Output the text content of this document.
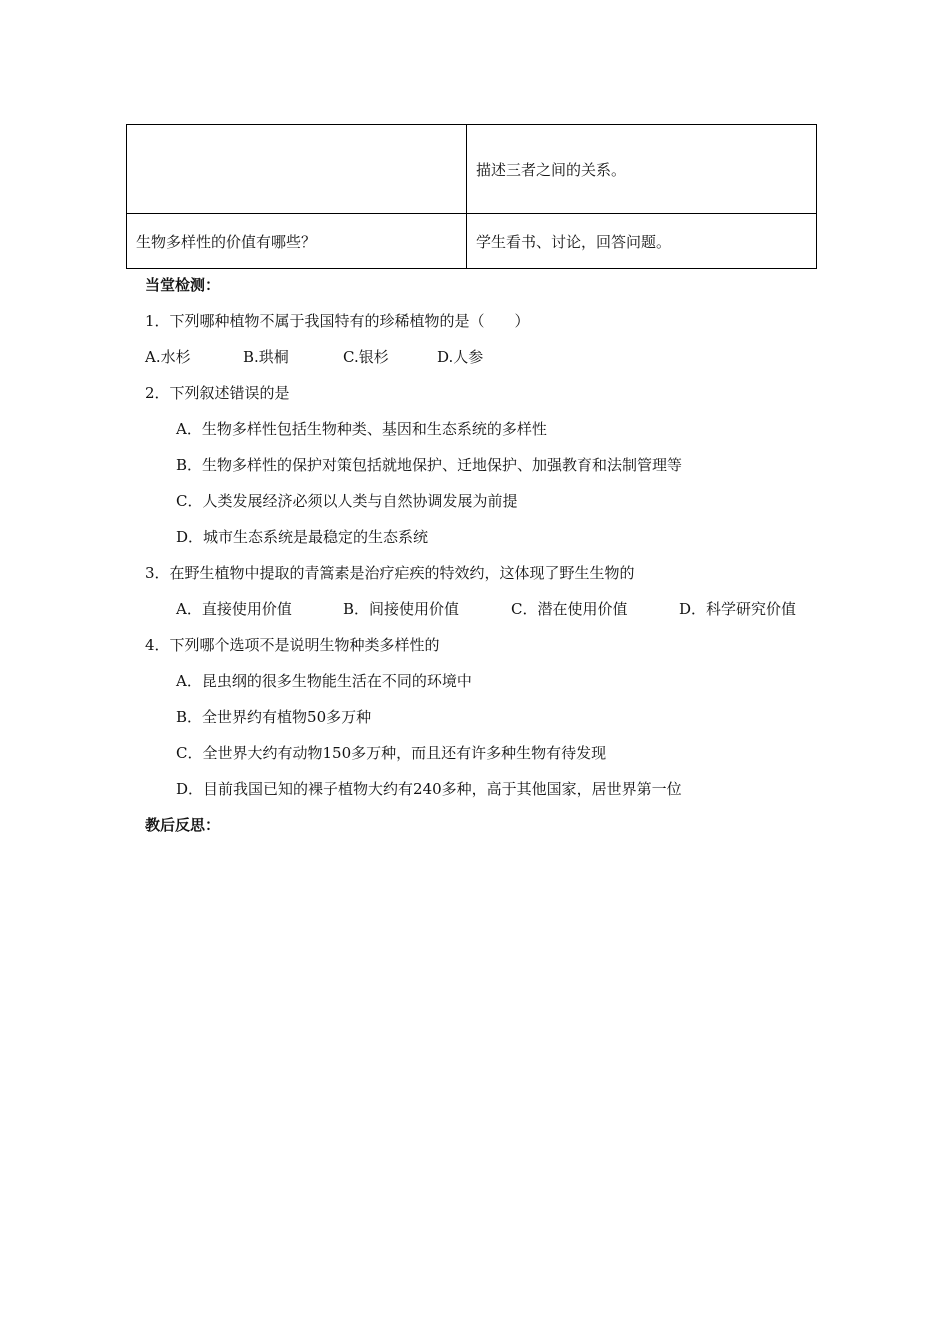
	描述三者之间的关系。
生物多样性的价值有哪些？	学生看书、讨论，回答问题。
当堂检测：
1．下列哪种植物不属于我国特有的珍稀植物的是（　　）
A.水杉	B.珙桐	C.银杉	D.人参
2．下列叙述错误的是
A．生物多样性包括生物种类、基因和生态系统的多样性
B．生物多样性的保护对策包括就地保护、迁地保护、加强教育和法制管理等
C．人类发展经济必须以人类与自然协调发展为前提
D．城市生态系统是最稳定的生态系统
3．在野生植物中提取的青篙素是治疗疟疾的特效约，这体现了野生生物的
A．直接使用价值	B．间接使用价值	C．潜在使用价值	D．科学研究价值
4．下列哪个选项不是说明生物种类多样性的
A．昆虫纲的很多生物能生活在不同的环境中
B．全世界约有植物50多万种
C．全世界大约有动物150多万种，而且还有许多种生物有待发现
D．目前我国已知的裸子植物大约有240多种，高于其他国家，居世界第一位
教后反思：
